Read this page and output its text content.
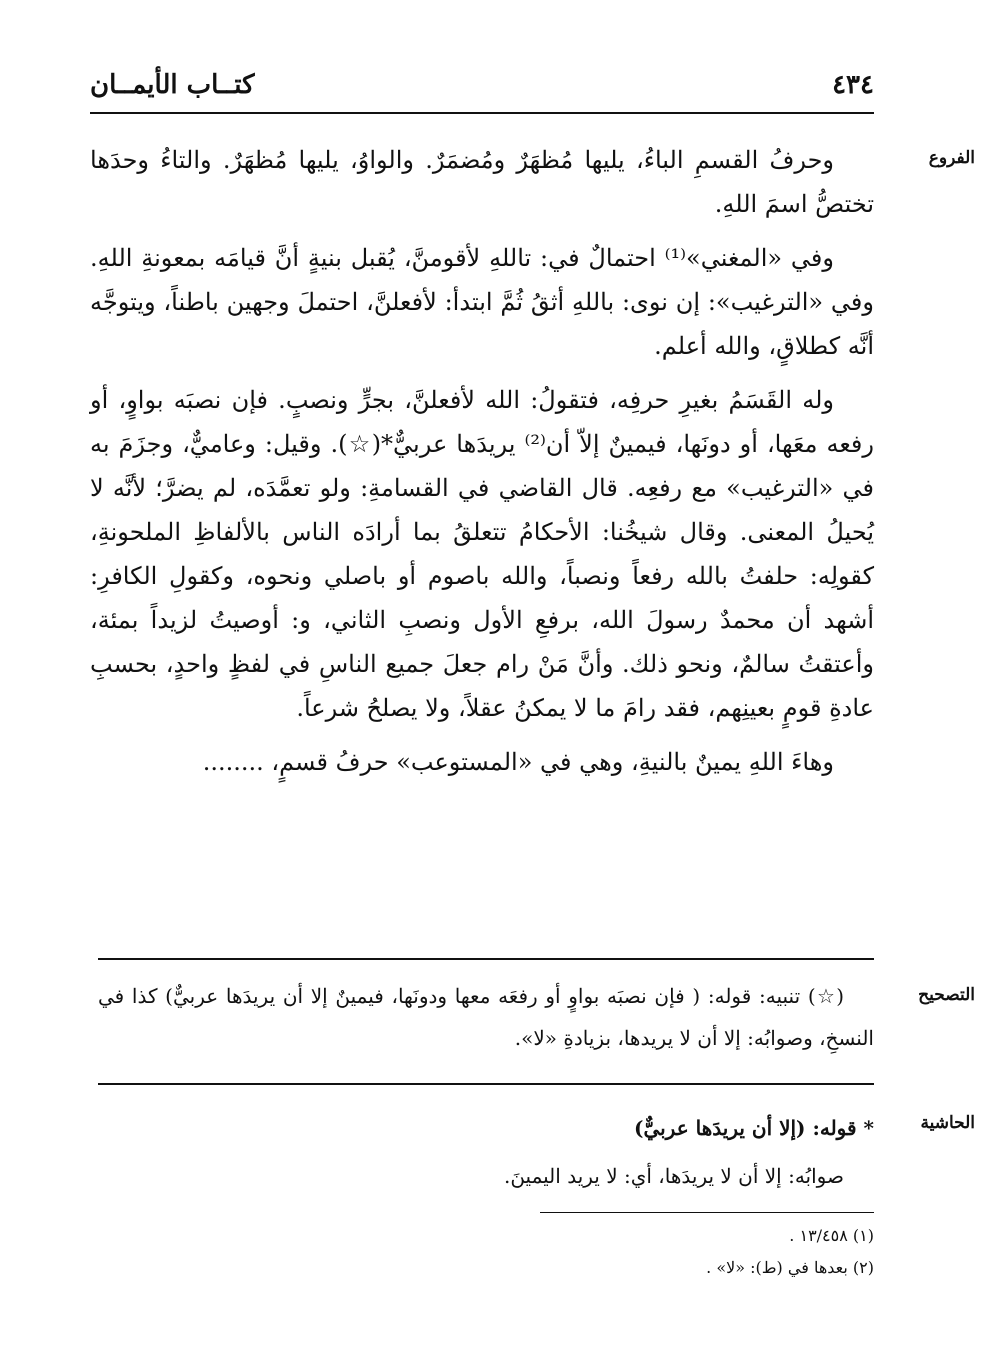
٤٣٤
كتــاب الأيمــان
الفروع

وحرفُ القسمِ الباءُ، يليها مُظهَرٌ ومُضمَرٌ. والواوُ، يليها مُظهَرٌ. والتاءُ وحدَها تختصُّ اسمَ اللهِ.

وفي «المغني»⁽¹⁾ احتمالٌ في: تاللهِ لأقومنَّ، يُقبل بنيةٍ أنَّ قيامَه بمعونةِ اللهِ. وفي «الترغيب»: إن نوى: باللهِ أثقُ ثُمَّ ابتدأ: لأفعلنَّ، احتملَ وجهين باطناً، ويتوجَّه أنَّه كطلاقٍ، والله أعلم.

وله القَسَمُ بغيرِ حرفِه، فتقولُ: الله لأفعلنَّ، بجرٍّ ونصبٍ. فإن نصبَه بواوٍ، أو رفعه معَها، أو دونَها، فيمينٌ إلاّ أن⁽²⁾ يريدَها عربيٌّ*(☆). وقيل: وعاميٌّ، وجزَمَ به في «الترغيب» مع رفعِه. قال القاضي في القسامةِ: ولو تعمَّدَه، لم يضرَّ؛ لأنَّه لا يُحيلُ المعنى. وقال شيخُنا: الأحكامُ تتعلقُ بما أرادَه الناس بالألفاظِ الملحونةِ، كقولِه: حلفتُ بالله رفعاً ونصباً، والله باصوم أو باصلي ونحوه، وكقولِ الكافرِ: أشهد أن محمدٌ رسولَ الله، برفعِ الأول ونصبِ الثاني، و: أوصيتُ لزيداً بمئة، وأعتقتُ سالمٌ، ونحو ذلك. وأنَّ مَنْ رام جعلَ جميع الناسِ في لفظٍ واحدٍ، بحسبِ عادةِ قومٍ بعينِهم، فقد رامَ ما لا يمكنُ عقلاً، ولا يصلحُ شرعاً.

وهاءَ اللهِ يمينٌ بالنيةِ، وهي في «المستوعب» حرفُ قسمٍ، ........

التصحيح

(☆) تنبيه: قوله: ( فإن نصبَه بواوٍ أو رفعَه معها ودونَها، فيمينٌ إلا أن يريدَها عربيٌّ) كذا في النسخِ، وصوابُه: إلا أن لا يريدها، بزيادةِ «لا».

الحاشية
* قوله: (إلا أن يريدَها عربيٌّ)
صوابُه: إلا أن لا يريدَها، أي: لا يريد اليمينَ.
(١) ١٣/٤٥٨ .
(٢) بعدها في (ط): «لا» .
